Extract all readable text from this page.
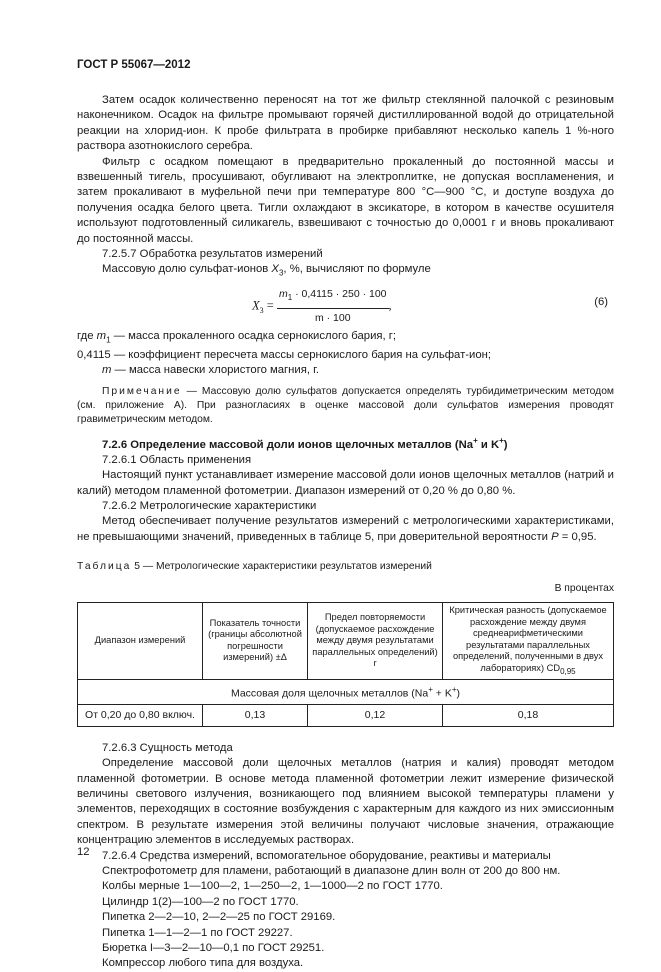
ГОСТ Р 55067—2012

Затем осадок количественно переносят на тот же фильтр стеклянной палочкой с резиновым наконечником. Осадок на фильтре промывают горячей дистиллированной водой до отрицательной реакции на хлорид-ион. К пробе фильтрата в пробирке прибавляют несколько капель 1 %-ного раствора азотнокислого серебра.

Фильтр с осадком помещают в предварительно прокаленный до постоянной массы и взвешенный тигель, просушивают, обугливают на электроплитке, не допуская воспламенения, и затем прокаливают в муфельной печи при температуре 800 °С—900 °С, и доступе воздуха до получения осадка белого цвета. Тигли охлаждают в эксикаторе, в котором в качестве осушителя используют подготовленный силикагель, взвешивают с точностью до 0,0001 г и вновь прокаливают до постоянной массы.

7.2.5.7 Обработка результатов измерений

Массовую долю сульфат-ионов $X_3$, %, вычисляют по формуле

$X_3 = \frac{m_1 \cdot 0,4115 \cdot 250 \cdot 100}{m \cdot 100}$ ,	(6)
где $m_1$ — масса прокаленного осадка сернокислого бария, г;
0,4115 — коэффициент пересчета массы сернокислого бария на сульфат-ион;
m — масса навески хлористого магния, г.

Примечание — Массовую долю сульфатов допускается определять турбидиметрическим методом (см. приложение А). При разногласиях в оценке массовой доли сульфатов измерения проводят гравиметрическим методом.

7.2.6 Определение массовой доли ионов щелочных металлов (Na+ и K+)

7.2.6.1 Область применения

Настоящий пункт устанавливает измерение массовой доли ионов щелочных металлов (натрий и калий) методом пламенной фотометрии. Диапазон измерений от 0,20 % до 0,80 %.

7.2.6.2 Метрологические характеристики

Метод обеспечивает получение результатов измерений с метрологическими характеристиками, не превышающими значений, приведенных в таблице 5, при доверительной вероятности P = 0,95.

Таблица 5 — Метрологические характеристики результатов измерений
В процентах
Диапазон измерений	Показатель точности (границы абсолютной погрешности измерений) ±Δ	Предел повторяемости (допускаемое расхождение между двумя результатами параллельных определений) r	Критическая разность (допускаемое расхождение между двумя среднеарифметическими результатами параллельных определений, полученными в двух лабораториях) $CD_{0,95}$
Массовая доля щелочных металлов (Na+ + K+)			
От 0,20 до 0,80 включ.	0,13	0,12	0,18

7.2.6.3 Сущность метода

Определение массовой доли щелочных металлов (натрия и калия) проводят методом пламенной фотометрии. В основе метода пламенной фотометрии лежит измерение физической величины светового излучения, возникающего под влиянием высокой температуры пламени у элементов, переходящих в состояние возбуждения с характерным для каждого из них эмиссионным спектром. В результате измерения этой величины получают числовые значения, отражающие концентрацию элементов в исследуемых растворах.

7.2.6.4 Средства измерений, вспомогательное оборудование, реактивы и материалы

Спектрофотометр для пламени, работающий в диапазоне длин волн от 200 до 800 нм.

Колбы мерные 1—100—2, 1—250—2, 1—1000—2 по ГОСТ 1770.

Цилиндр 1(2)—100—2 по ГОСТ 1770.

Пипетка 2—2—10, 2—2—25 по ГОСТ 29169.

Пипетка 1—1—2—1 по ГОСТ 29227.

Бюретка I—3—2—10—0,1 по ГОСТ 29251.

Компрессор любого типа для воздуха.

12
